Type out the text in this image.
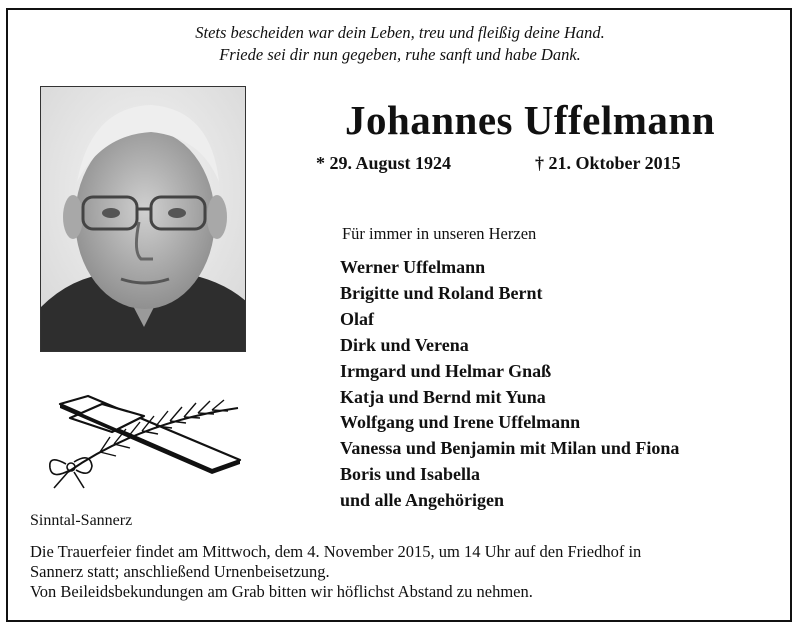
Stets bescheiden war dein Leben, treu und fleißig deine Hand.
Friede sei dir nun gegeben, ruhe sanft und habe Dank.
Johannes Uffelmann
* 29. August 1924	† 21. Oktober 2015
Für immer in unseren Herzen
Werner Uffelmann
Brigitte und Roland Bernt
Olaf
Dirk und Verena
Irmgard und Helmar Gnaß
Katja und Bernd mit Yuna
Wolfgang und Irene Uffelmann
Vanessa und Benjamin mit Milan und Fiona
Boris und Isabella
und alle Angehörigen
Sinntal-Sannerz

Die Trauerfeier findet am Mittwoch, dem 4. November 2015, um 14 Uhr auf den Friedhof in

Sannerz statt; anschließend Urnenbeisetzung.

Von Beileidsbekundungen am Grab bitten wir höflichst Abstand zu nehmen.
